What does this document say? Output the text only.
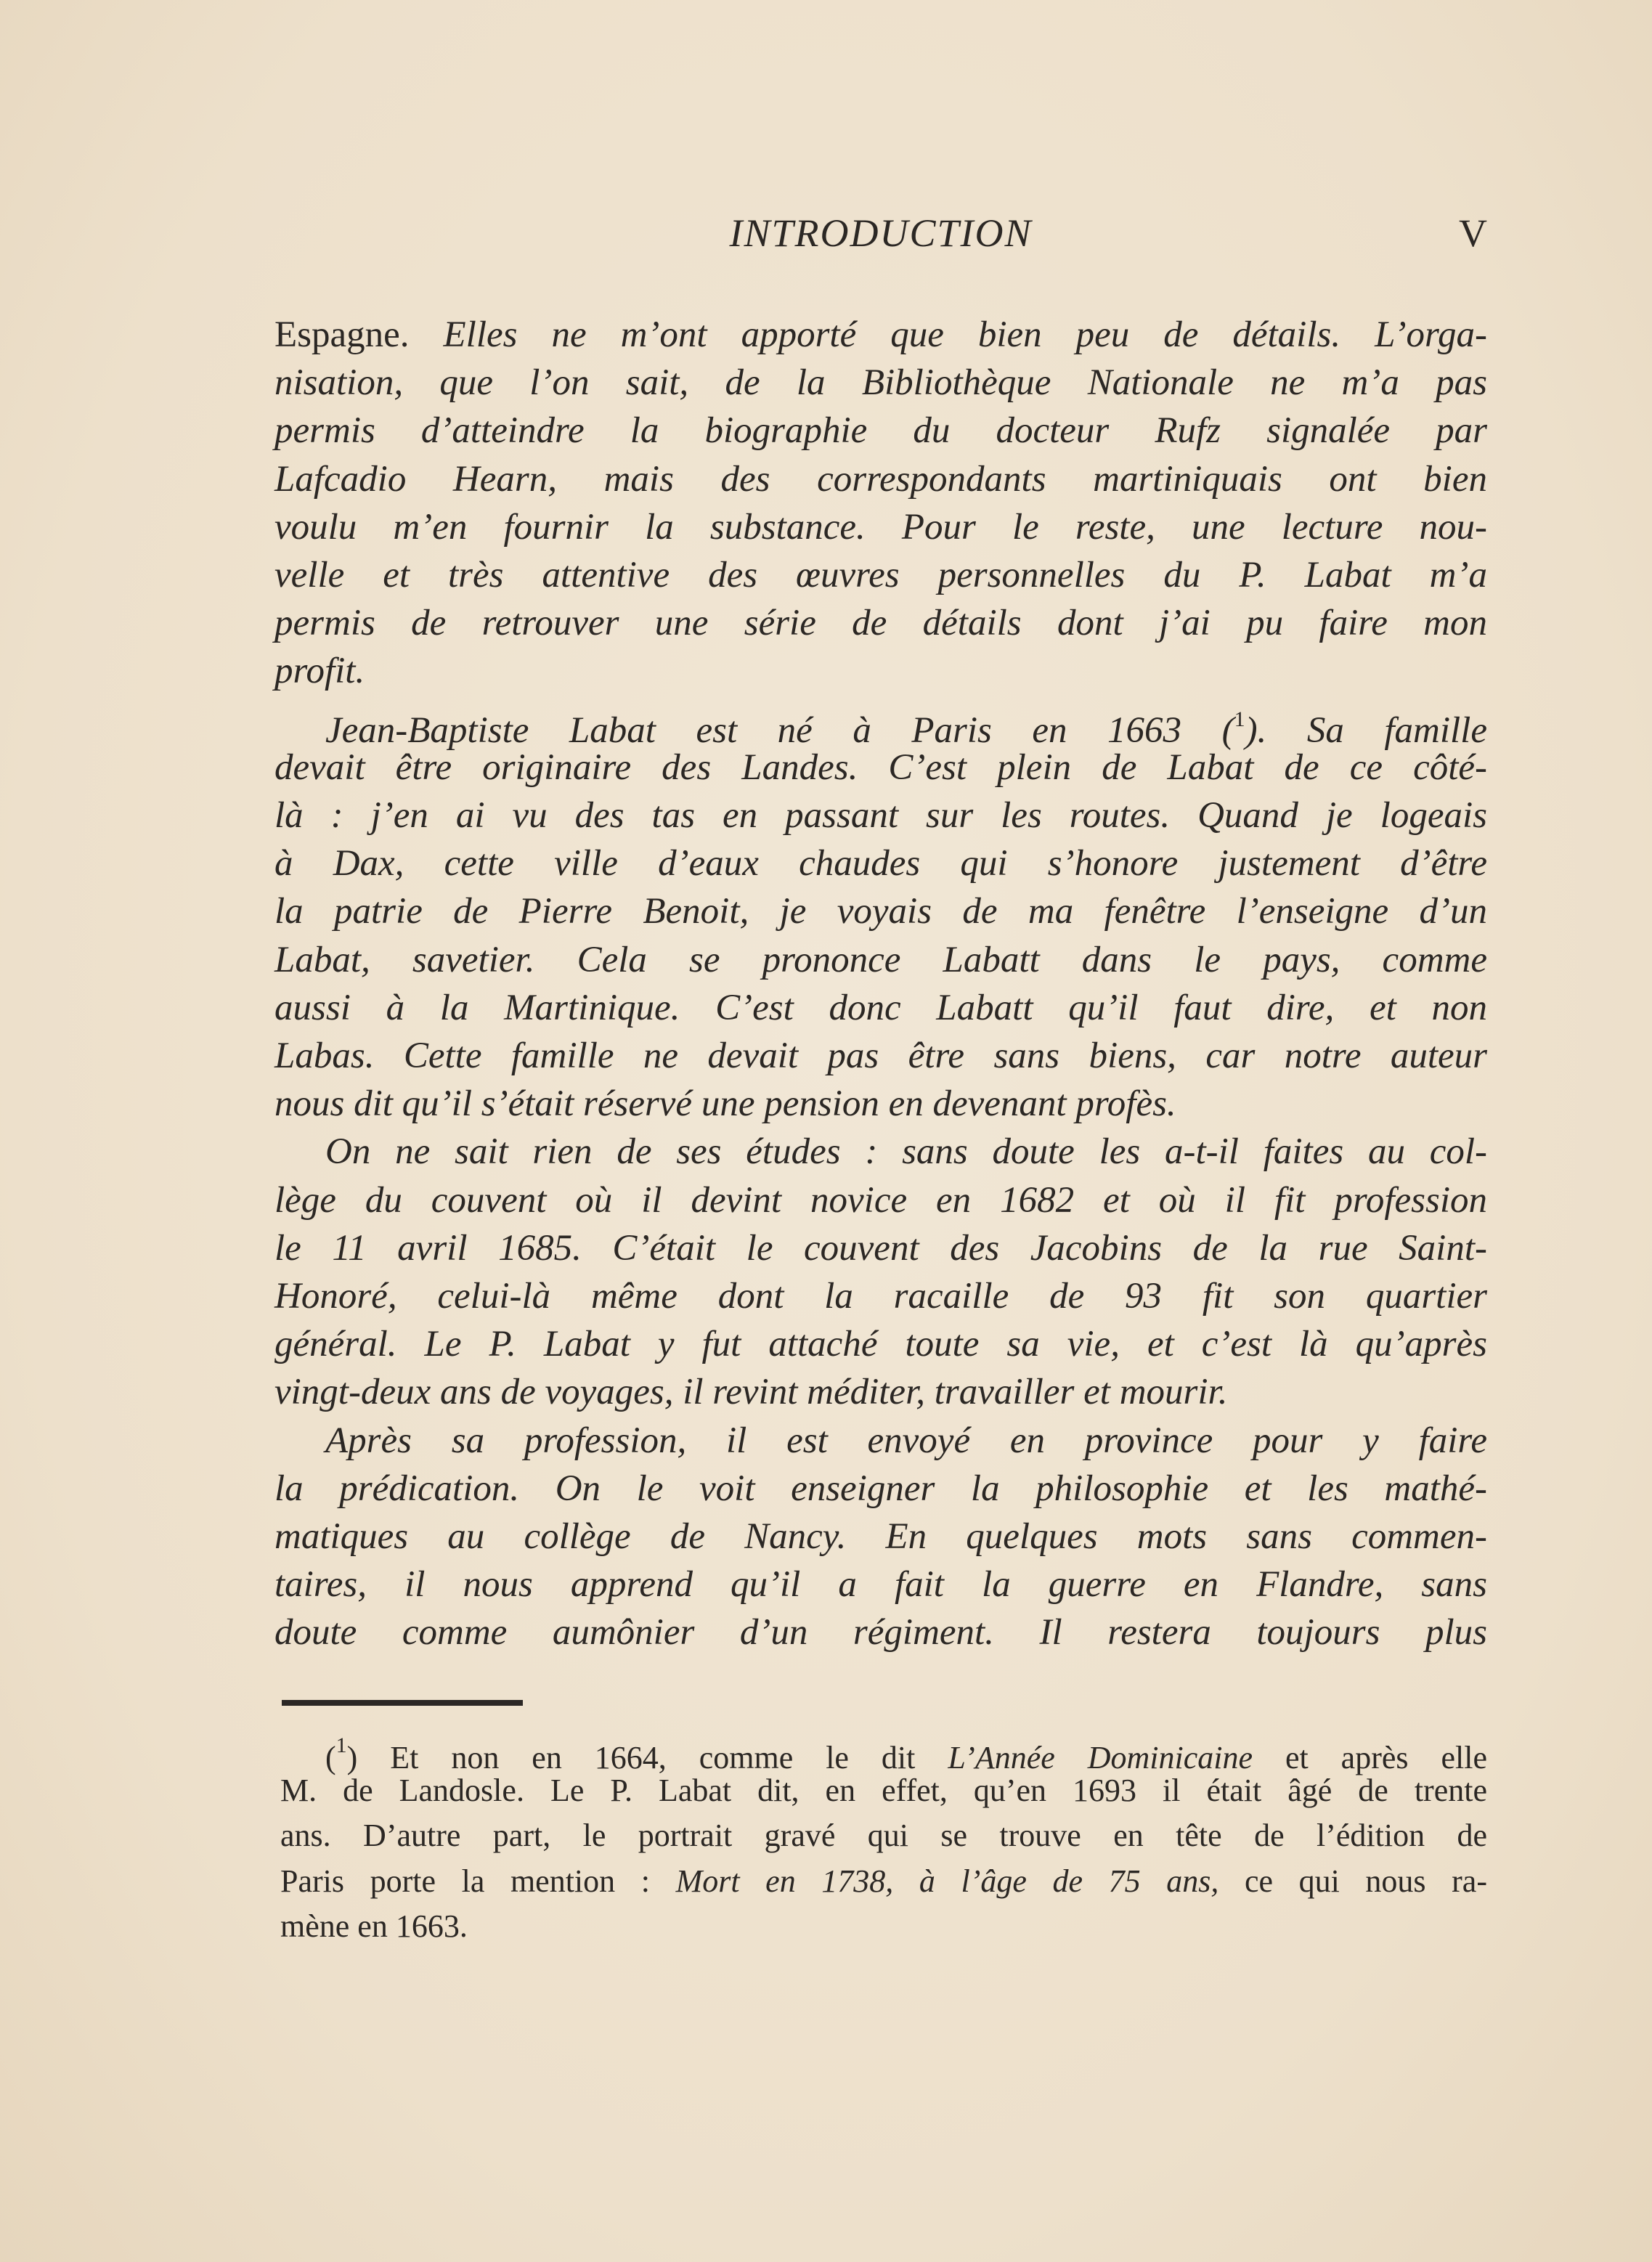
INTRODUCTION	V
Espagne. Elles ne m’ont apporté que bien peu de détails. L’orga-
nisation, que l’on sait, de la Bibliothèque Nationale ne m’a pas
permis d’atteindre la biographie du docteur Rufz signalée par
Lafcadio Hearn, mais des correspondants martiniquais ont bien
voulu m’en fournir la substance. Pour le reste, une lecture nou-
velle et très attentive des œuvres personnelles du P. Labat m’a
permis de retrouver une série de détails dont j’ai pu faire mon
profit.
Jean-Baptiste Labat est né à Paris en 1663 ($^1$). Sa famille
devait être originaire des Landes. C’est plein de Labat de ce côté-
là : j’en ai vu des tas en passant sur les routes. Quand je logeais
à Dax, cette ville d’eaux chaudes qui s’honore justement d’être
la patrie de Pierre Benoit, je voyais de ma fenêtre l’enseigne d’un
Labat, savetier. Cela se prononce Labatt dans le pays, comme
aussi à la Martinique. C’est donc Labatt qu’il faut dire, et non
Labas. Cette famille ne devait pas être sans biens, car notre auteur
nous dit qu’il s’était réservé une pension en devenant profès.
On ne sait rien de ses études : sans doute les a-t-il faites au col-
lège du couvent où il devint novice en 1682 et où il fit profession
le 11 avril 1685. C’était le couvent des Jacobins de la rue Saint-
Honoré, celui-là même dont la racaille de 93 fit son quartier
général. Le P. Labat y fut attaché toute sa vie, et c’est là qu’après
vingt-deux ans de voyages, il revint méditer, travailler et mourir.
Après sa profession, il est envoyé en province pour y faire
la prédication. On le voit enseigner la philosophie et les mathé-
matiques au collège de Nancy. En quelques mots sans commen-
taires, il nous apprend qu’il a fait la guerre en Flandre, sans
doute comme aumônier d’un régiment. Il restera toujours plus
($^1$) Et non en 1664, comme le dit L’Année Dominicaine et après elle
M. de Landosle. Le P. Labat dit, en effet, qu’en 1693 il était âgé de trente
ans. D’autre part, le portrait gravé qui se trouve en tête de l’édition de
Paris porte la mention : Mort en 1738, à l’âge de 75 ans, ce qui nous ra-
mène en 1663.
